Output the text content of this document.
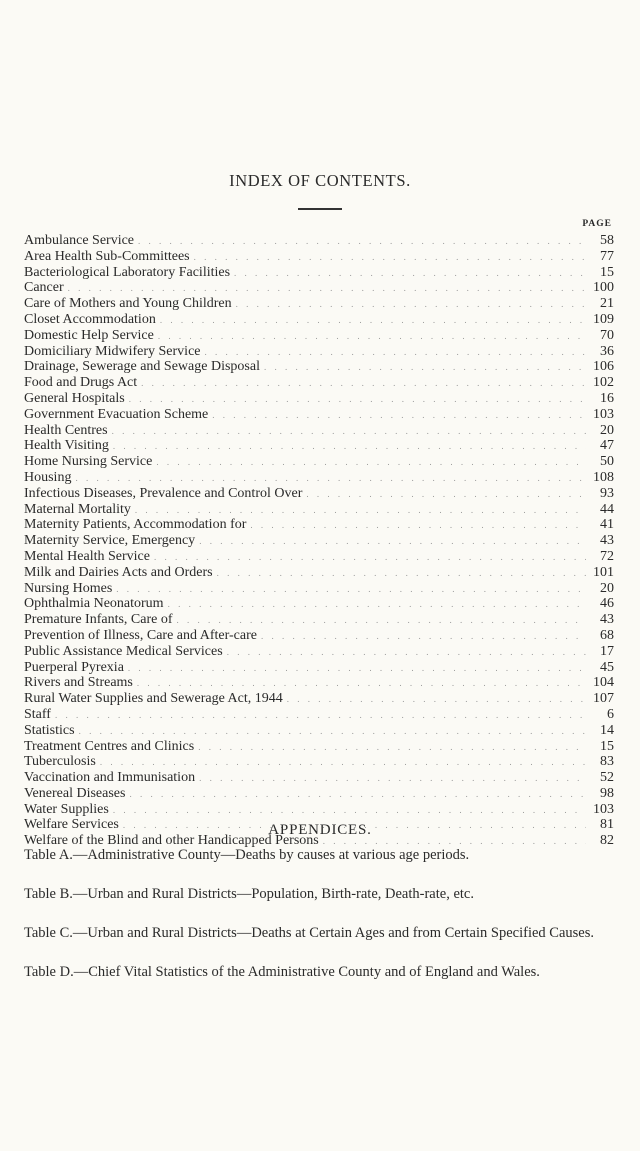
INDEX OF CONTENTS.
PAGE
Ambulance Service . . .	58
Area Health Sub-Committees . . .	77
Bacteriological Laboratory Facilities . . .	15
Cancer . . .	100
Care of Mothers and Young Children . . .	21
Closet Accommodation . . .	109
Domestic Help Service . . .	70
Domiciliary Midwifery Service . . .	36
Drainage, Sewerage and Sewage Disposal . . .	106
Food and Drugs Act . . .	102
General Hospitals . . .	16
Government Evacuation Scheme . . .	103
Health Centres . . .	20
Health Visiting . . .	47
Home Nursing Service . . .	50
Housing . . .	108
Infectious Diseases, Prevalence and Control Over . . .	93
Maternal Mortality . . .	44
Maternity Patients, Accommodation for . . .	41
Maternity Service, Emergency . . .	43
Mental Health Service . . .	72
Milk and Dairies Acts and Orders . . .	101
Nursing Homes . . .	20
Ophthalmia Neonatorum . . .	46
Premature Infants, Care of . . .	43
Prevention of Illness, Care and After-care . . .	68
Public Assistance Medical Services . . .	17
Puerperal Pyrexia . . .	45
Rivers and Streams . . .	104
Rural Water Supplies and Sewerage Act, 1944 . . .	107
Staff . . .	6
Statistics . . .	14
Treatment Centres and Clinics . . .	15
Tuberculosis . . .	83
Vaccination and Immunisation . . .	52
Venereal Diseases . . .	98
Water Supplies . . .	103
Welfare Services . . .	81
Welfare of the Blind and other Handicapped Persons . . .	82
APPENDICES.
Table A.—Administrative County—Deaths by causes at various age periods.
Table B.—Urban and Rural Districts—Population, Birth-rate, Death-rate, etc.
Table C.—Urban and Rural Districts—Deaths at Certain Ages and from Certain Specified Causes.
Table D.—Chief Vital Statistics of the Administrative County and of England and Wales.
